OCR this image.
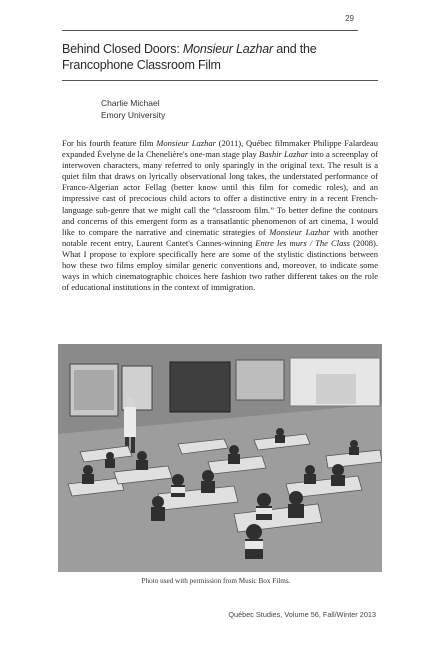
29
Behind Closed Doors: Monsieur Lazhar and the Francophone Classroom Film
Charlie Michael
Emory University

For his fourth feature film Monsieur Lazhar (2011), Québec filmmaker Philippe Falardeau expanded Évelyne de la Chenelière's one-man stage play Bashir Lazhar into a screenplay of interwoven characters, many referred to only sparingly in the original text. The result is a quiet film that draws on lyrically observational long takes, the understated performance of Franco-Algerian actor Fellag (better know until this film for comedic roles), and an impressive cast of precocious child actors to offer a distinctive entry in a recent French-language sub-genre that we might call the “classroom film.” To better define the contours and concerns of this emergent form as a transatlantic phenomenon of art cinema, I would like to compare the narrative and cinematic strategies of Monsieur Lazhar with another notable recent entry, Laurent Cantet's Cannes-winning Entre les murs / The Class (2008). What I propose to explore specifically here are some of the stylistic distinctions between how these two films employ similar generic conventions and, moreover, to indicate some ways in which cinematographic choices here fashion two rather different takes on the role of educational institutions in the context of immigration.

Photo used with permission from Music Box Films.
Québec Studies, Volume 56, Fall/Winter 2013
